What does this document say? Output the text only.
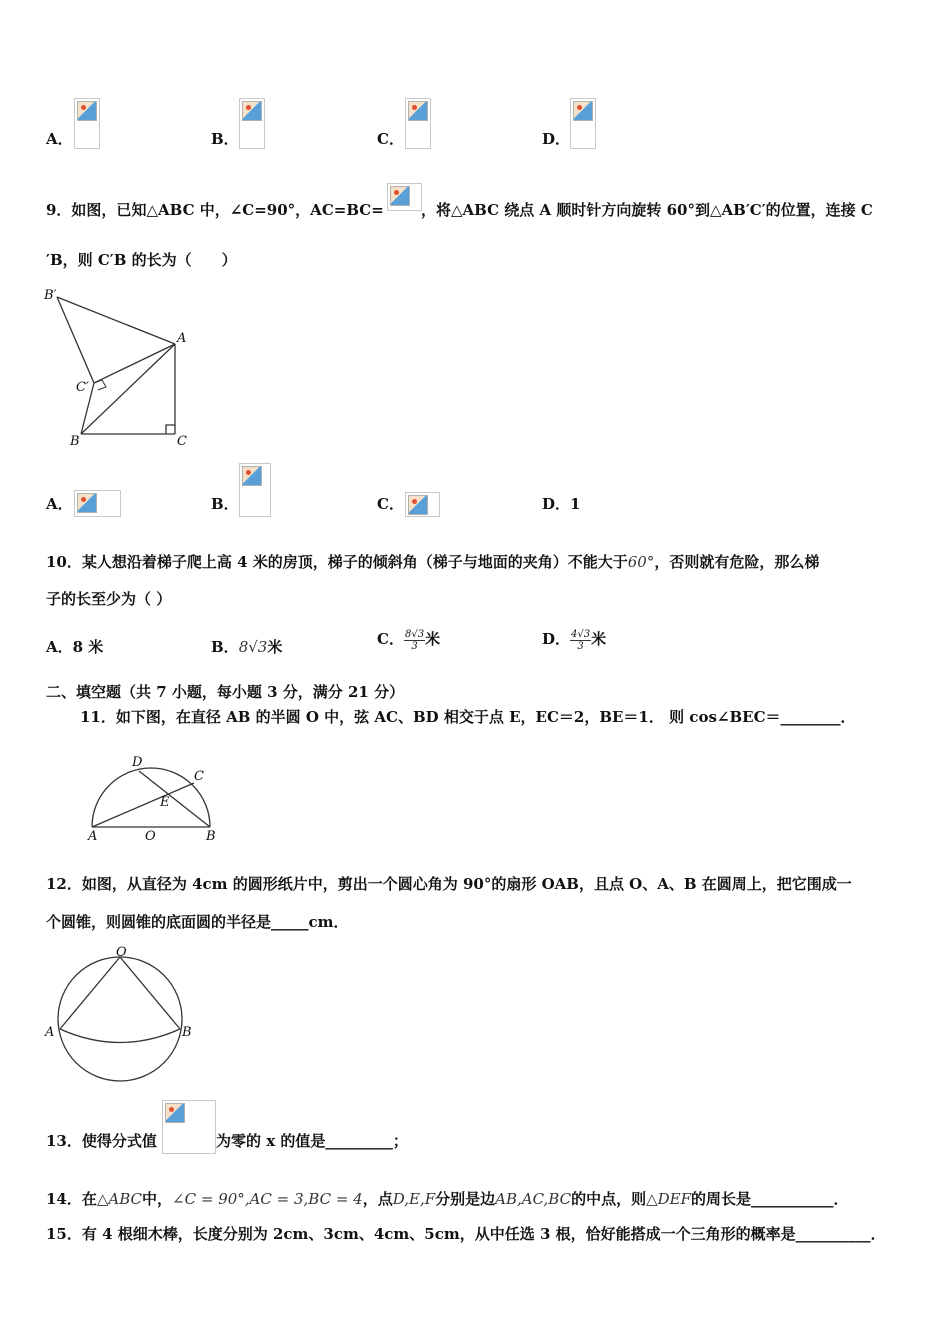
A．	B．	C．	D．
9．如图，已知△ABC 中，∠C=90°，AC=BC= ，将△ABC 绕点 A 顺时针方向旋转 60°到△AB′C′的位置，连接 C
′B，则 C′B 的长为（　　）
B′
A
C′
B	C
A．	B．	C．	D．1
10．某人想沿着梯子爬上高 4 米的房顶，梯子的倾斜角（梯子与地面的夹角）不能大于60°，否则就有危险，那么梯
子的长至少为（ ）
A．8 米	B．8√3米	C． $\frac{8√3}{3}$ 米	D． $\frac{4√3}{3}$ 米
二、填空题（共 7 小题，每小题 3 分，满分 21 分）
11．如下图，在直径 AB 的半圆 O 中，弦 AC、BD 相交于点 E，EC＝2，BE＝1． 则 cos∠BEC＝________．
D
C
E
A	O	B
12．如图，从直径为 4cm 的圆形纸片中，剪出一个圆心角为 90°的扇形 OAB，且点 O、A、B 在圆周上，把它围成一
个圆锥，则圆锥的底面圆的半径是_____cm．
O
A	B
13．使得分式值	为零的 x 的值是_________；
14．在△ABC中，∠C = 90°,AC = 3,BC = 4，点D,E,F分别是边AB,AC,BC的中点，则△DEF的周长是___________．
15．有 4 根细木棒，长度分别为 2cm、3cm、4cm、5cm，从中任选 3 根，恰好能搭成一个三角形的概率是__________．
